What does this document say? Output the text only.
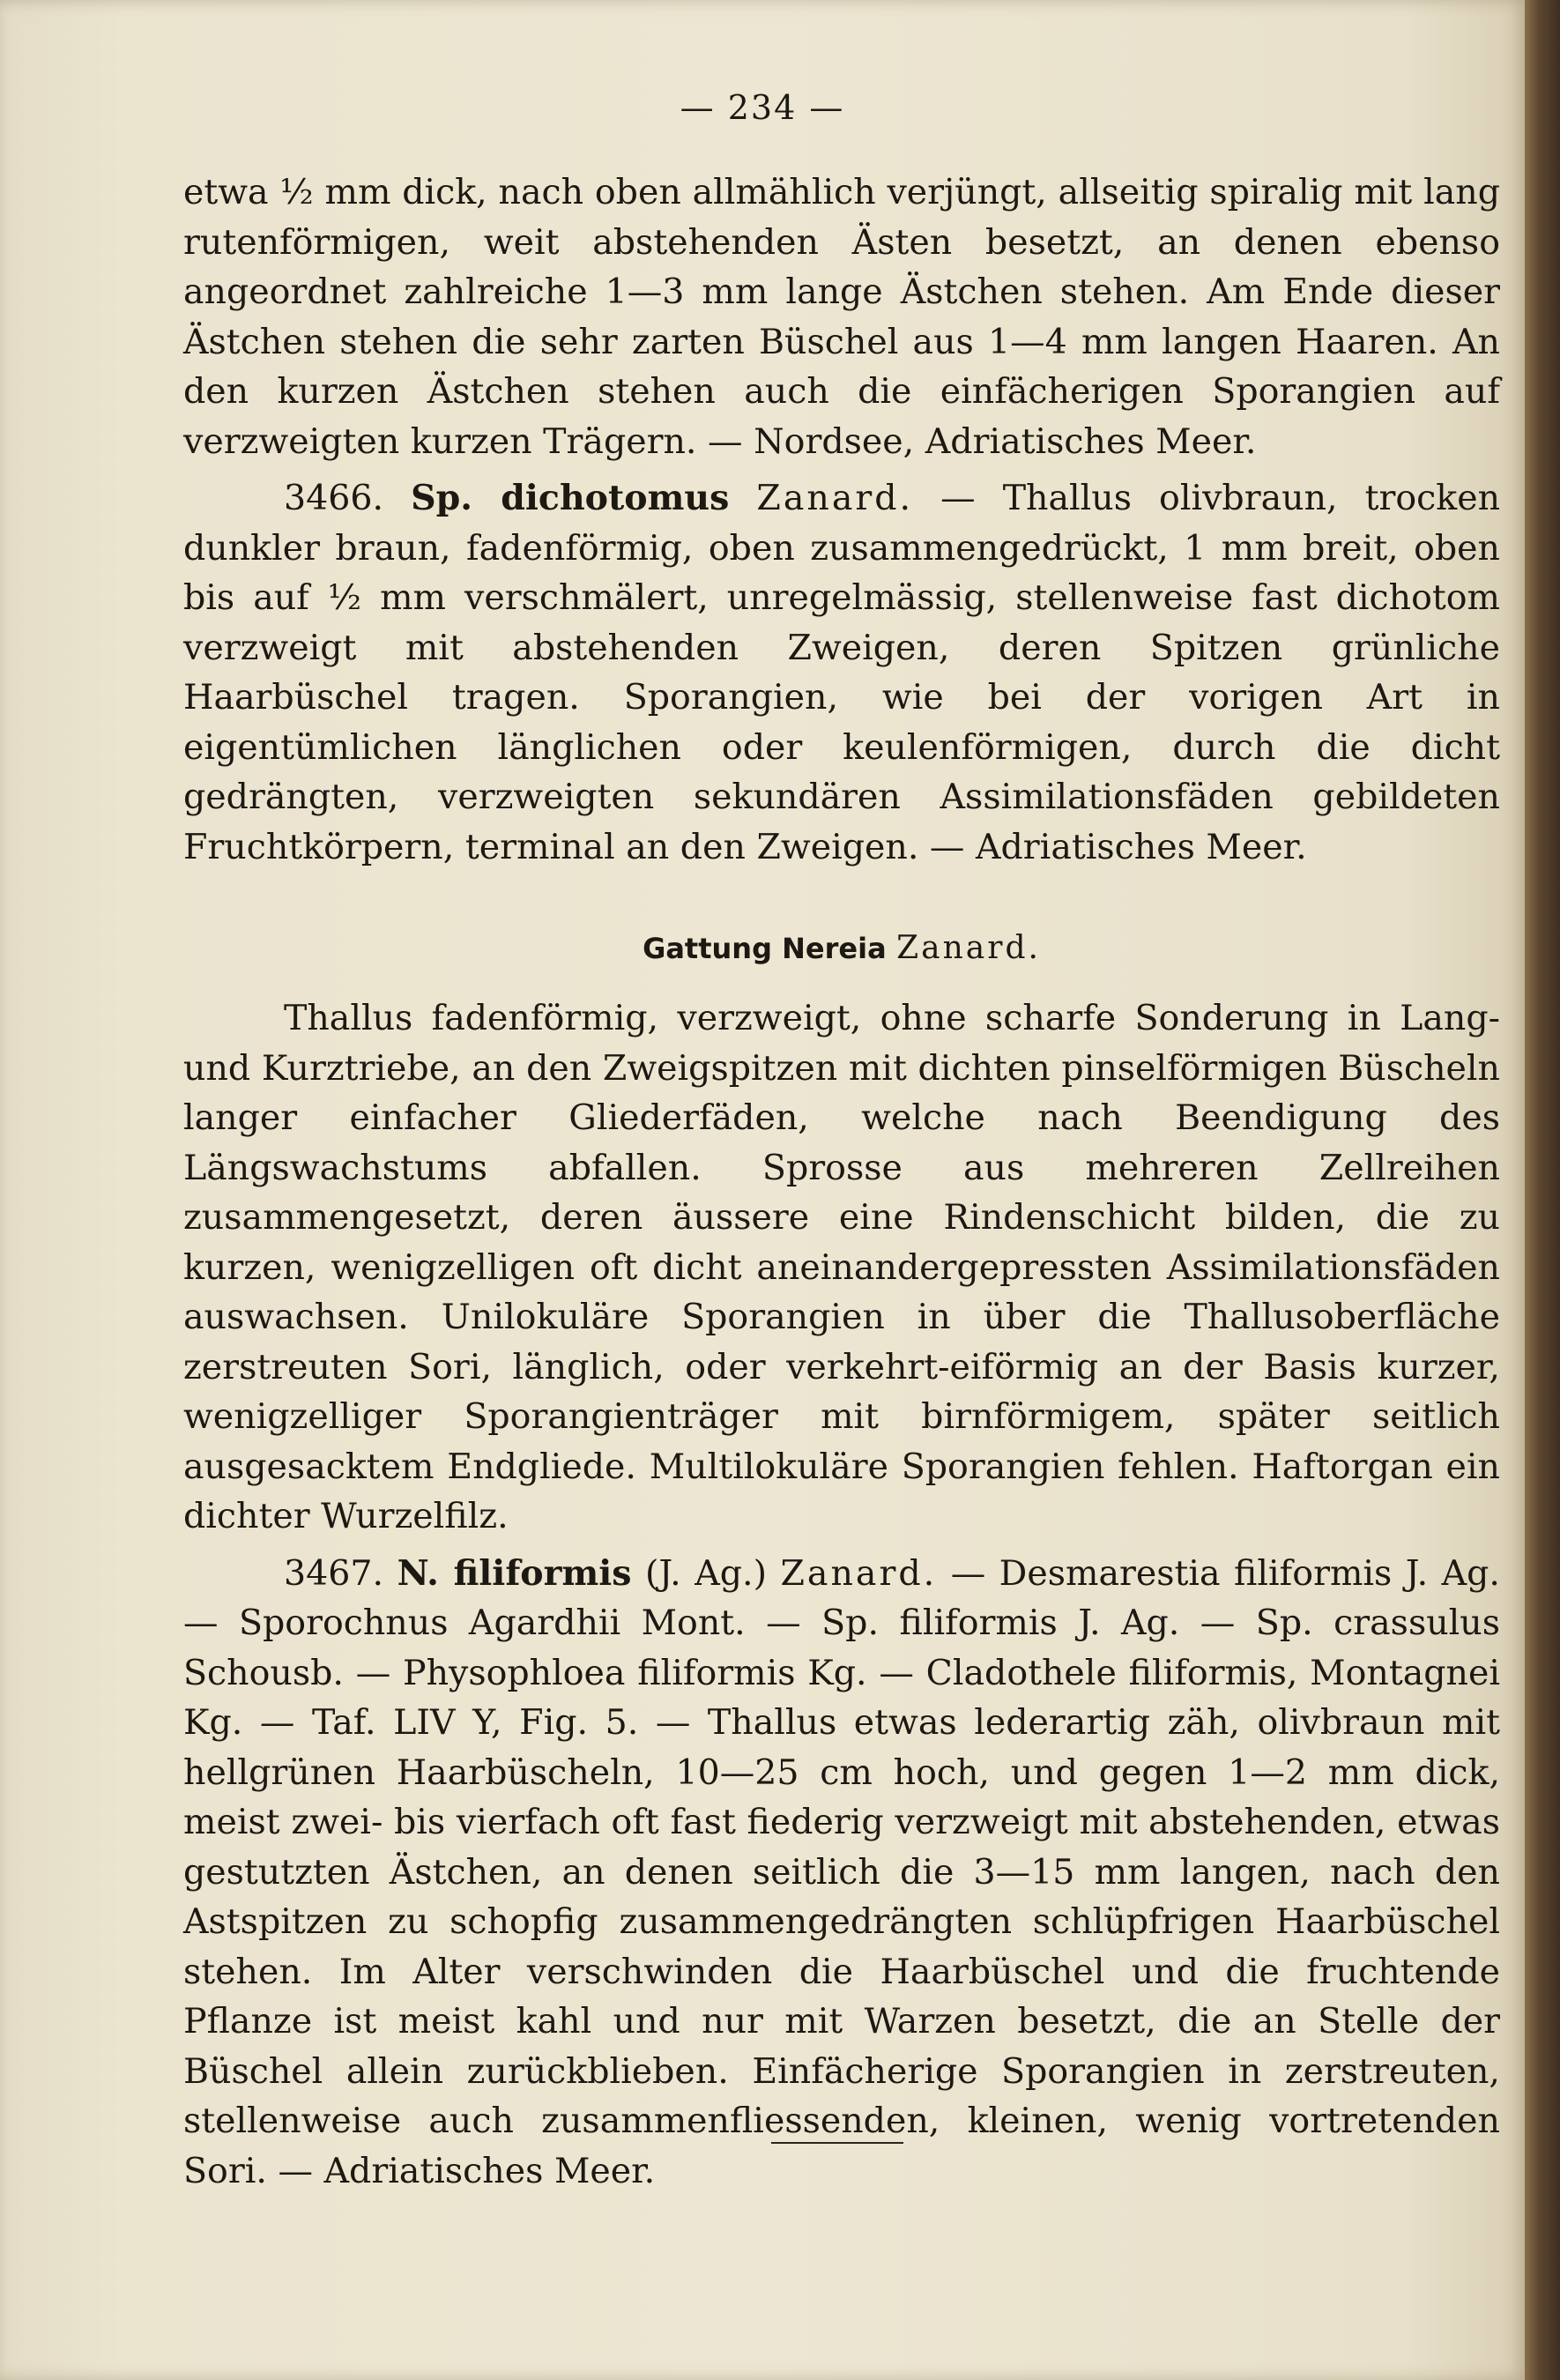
— 234 —

etwa ½ mm dick, nach oben allmählich verjüngt, allseitig spiralig mit lang rutenförmigen, weit abstehenden Ästen besetzt, an denen ebenso angeordnet zahlreiche 1—3 mm lange Ästchen stehen. Am Ende dieser Ästchen stehen die sehr zarten Büschel aus 1—4 mm langen Haaren. An den kurzen Ästchen stehen auch die einfächerigen Sporangien auf verzweigten kurzen Trägern. — Nordsee, Adriatisches Meer.

3466. Sp. dichotomus Zanard. — Thallus olivbraun, trocken dunkler braun, fadenförmig, oben zusammengedrückt, 1 mm breit, oben bis auf ½ mm verschmälert, unregelmässig, stellenweise fast dichotom verzweigt mit abstehenden Zweigen, deren Spitzen grünliche Haarbüschel tragen. Sporangien, wie bei der vorigen Art in eigentümlichen länglichen oder keulenförmigen, durch die dicht gedrängten, verzweigten sekundären Assimilationsfäden gebildeten Fruchtkörpern, terminal an den Zweigen. — Adriatisches Meer.

Gattung Nereia Zanard.

Thallus fadenförmig, verzweigt, ohne scharfe Sonderung in Lang- und Kurztriebe, an den Zweigspitzen mit dichten pinselförmigen Büscheln langer einfacher Gliederfäden, welche nach Beendigung des Längswachstums abfallen. Sprosse aus mehreren Zellreihen zusammengesetzt, deren äussere eine Rindenschicht bilden, die zu kurzen, wenigzelligen oft dicht aneinandergepressten Assimilationsfäden auswachsen. Unilokuläre Sporangien in über die Thallusoberfläche zerstreuten Sori, länglich, oder verkehrt-eiförmig an der Basis kurzer, wenigzelliger Sporangienträger mit birnförmigem, später seitlich ausgesacktem Endgliede. Multilokuläre Sporangien fehlen. Haftorgan ein dichter Wurzelfilz.

3467. N. filiformis (J. Ag.) Zanard. — Desmarestia filiformis J. Ag. — Sporochnus Agardhii Mont. — Sp. filiformis J. Ag. — Sp. crassulus Schousb. — Physophloea filiformis Kg. — Cladothele filiformis, Montagnei Kg. — Taf. LIV Y, Fig. 5. — Thallus etwas lederartig zäh, olivbraun mit hellgrünen Haarbüscheln, 10—25 cm hoch, und gegen 1—2 mm dick, meist zwei- bis vierfach oft fast fiederig verzweigt mit abstehenden, etwas gestutzten Ästchen, an denen seitlich die 3—15 mm langen, nach den Astspitzen zu schopfig zusammengedrängten schlüpfrigen Haarbüschel stehen. Im Alter verschwinden die Haarbüschel und die fruchtende Pflanze ist meist kahl und nur mit Warzen besetzt, die an Stelle der Büschel allein zurückblieben. Einfächerige Sporangien in zerstreuten, stellenweise auch zusammenfliessenden, kleinen, wenig vortretenden Sori. — Adriatisches Meer.
